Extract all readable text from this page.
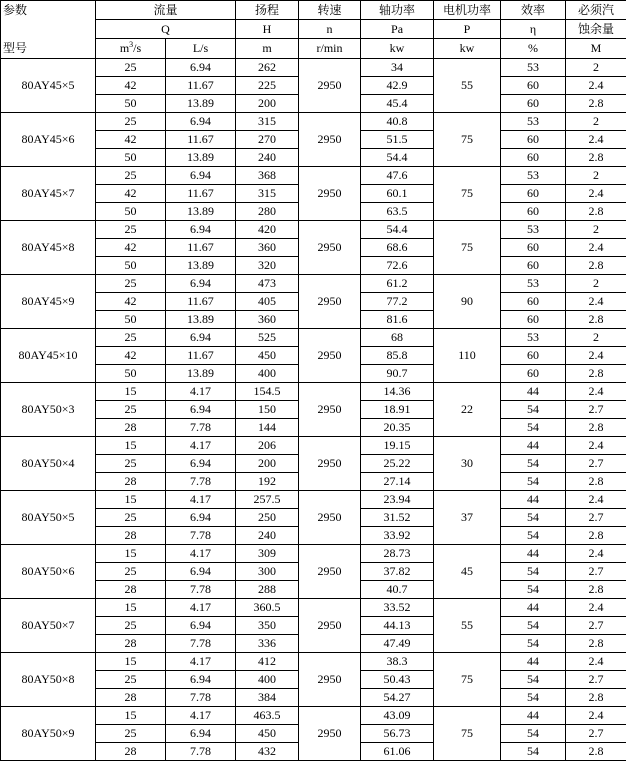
参数	流量		扬程	转速	轴功率	电机功率	效率	必须汽
	Q		H	n	Pa	P	η	蚀余量
型号	$m^3/s$	L/s	m	r/min	kw	kw	%	M
80AY45×5	25	6.94	262	2950	34	55	53	2
	42	11.67	225		42.9		60	2.4
	50	13.89	200		45.4		60	2.8
80AY45×6	25	6.94	315	2950	40.8	75	53	2
	42	11.67	270		51.5		60	2.4
	50	13.89	240		54.4		60	2.8
80AY45×7	25	6.94	368	2950	47.6	75	53	2
	42	11.67	315		60.1		60	2.4
	50	13.89	280		63.5		60	2.8
80AY45×8	25	6.94	420	2950	54.4	75	53	2
	42	11.67	360		68.6		60	2.4
	50	13.89	320		72.6		60	2.8
80AY45×9	25	6.94	473	2950	61.2	90	53	2
	42	11.67	405		77.2		60	2.4
	50	13.89	360		81.6		60	2.8
80AY45×10	25	6.94	525	2950	68	110	53	2
	42	11.67	450		85.8		60	2.4
	50	13.89	400		90.7		60	2.8
80AY50×3	15	4.17	154.5	2950	14.36	22	44	2.4
	25	6.94	150		18.91		54	2.7
	28	7.78	144		20.35		54	2.8
80AY50×4	15	4.17	206	2950	19.15	30	44	2.4
	25	6.94	200		25.22		54	2.7
	28	7.78	192		27.14		54	2.8
80AY50×5	15	4.17	257.5	2950	23.94	37	44	2.4
	25	6.94	250		31.52		54	2.7
	28	7.78	240		33.92		54	2.8
80AY50×6	15	4.17	309	2950	28.73	45	44	2.4
	25	6.94	300		37.82		54	2.7
	28	7.78	288		40.7		54	2.8
80AY50×7	15	4.17	360.5	2950	33.52	55	44	2.4
	25	6.94	350		44.13		54	2.7
	28	7.78	336		47.49		54	2.8
80AY50×8	15	4.17	412	2950	38.3	75	44	2.4
	25	6.94	400		50.43		54	2.7
	28	7.78	384		54.27		54	2.8
80AY50×9	15	4.17	463.5	2950	43.09	75	44	2.4
	25	6.94	450		56.73		54	2.7
	28	7.78	432		61.06		54	2.8
